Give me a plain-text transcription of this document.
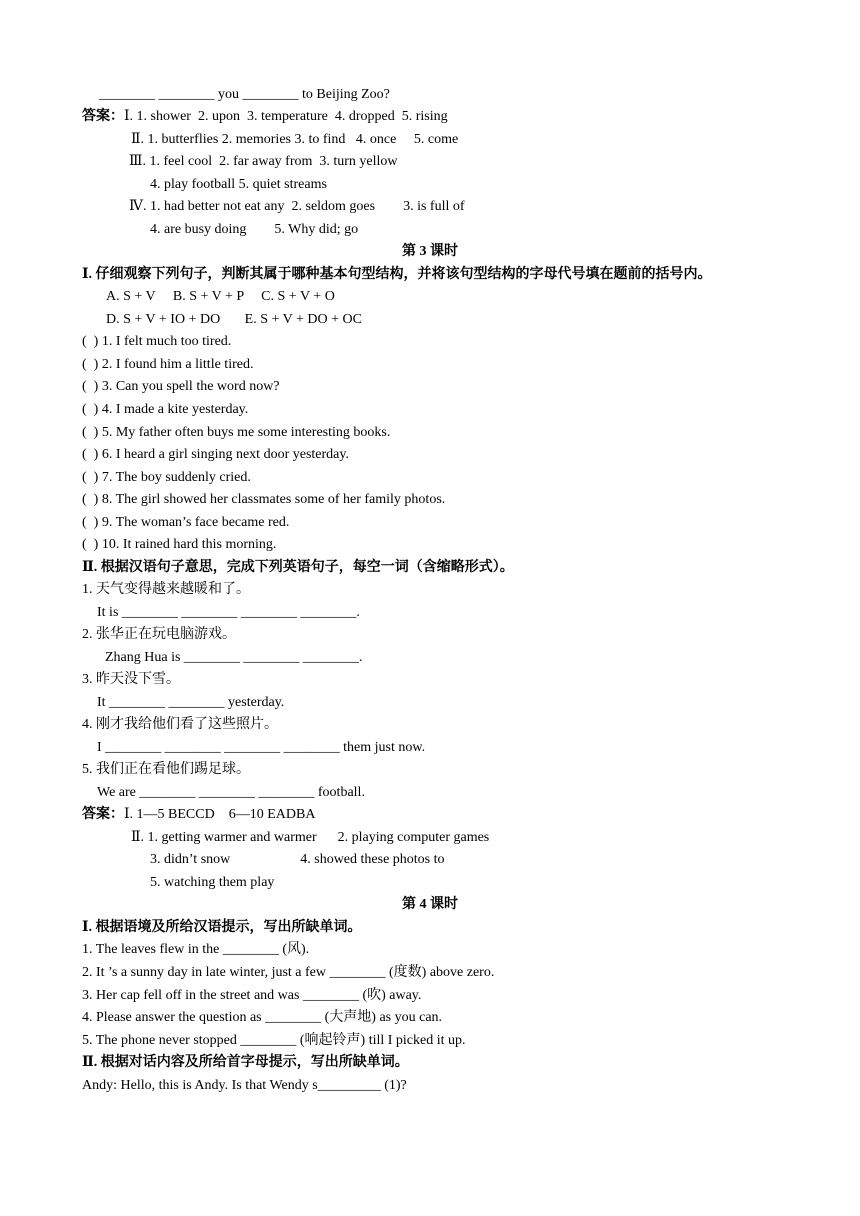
________ ________ you ________ to Beijing Zoo?
答案：Ⅰ. 1. shower  2. upon  3. temperature  4. dropped  5. rising
Ⅱ. 1. butterflies 2. memories 3. to find   4. once     5. come
Ⅲ. 1. feel cool  2. far away from  3. turn yellow
4. play football 5. quiet streams
Ⅳ. 1. had better not eat any  2. seldom goes        3. is full of
4. are busy doing        5. Why did; go
第 3 课时
Ⅰ. 仔细观察下列句子，判断其属于哪种基本句型结构，并将该句型结构的字母代号填在题前的括号内。
A. S + V     B. S + V + P     C. S + V + O
D. S + V + IO + DO       E. S + V + DO + OC
(  ) 1. I felt much too tired.
(  ) 2. I found him a little tired.
(  ) 3. Can you spell the word now?
(  ) 4. I made a kite yesterday.
(  ) 5. My father often buys me some interesting books.
(  ) 6. I heard a girl singing next door yesterday.
(  ) 7. The boy suddenly cried.
(  ) 8. The girl showed her classmates some of her family photos.
(  ) 9. The woman’s face became red.
(  ) 10. It rained hard this morning.
Ⅱ. 根据汉语句子意思，完成下列英语句子，每空一词（含缩略形式）。
1. 天气变得越来越暖和了。
It is ________ ________ ________ ________.
2. 张华正在玩电脑游戏。
Zhang Hua is ________ ________ ________.
3. 昨天没下雪。
It ________ ________ yesterday.
4. 刚才我给他们看了这些照片。
I ________ ________ ________ ________ them just now.
5. 我们正在看他们踢足球。
We are ________ ________ ________ football.
答案：Ⅰ. 1—5 BECCD    6—10 EADBA
Ⅱ. 1. getting warmer and warmer      2. playing computer games
3. didn’t snow                    4. showed these photos to
5. watching them play
第 4 课时
Ⅰ. 根据语境及所给汉语提示，写出所缺单词。
1. The leaves flew in the ________ (风).
2. It ’s a sunny day in late winter, just a few ________ (度数) above zero.
3. Her cap fell off in the street and was ________ (吹) away.
4. Please answer the question as ________ (大声地) as you can.
5. The phone never stopped ________ (响起铃声) till I picked it up.
Ⅱ. 根据对话内容及所给首字母提示，写出所缺单词。
Andy: Hello, this is Andy. Is that Wendy s_________ (1)?
